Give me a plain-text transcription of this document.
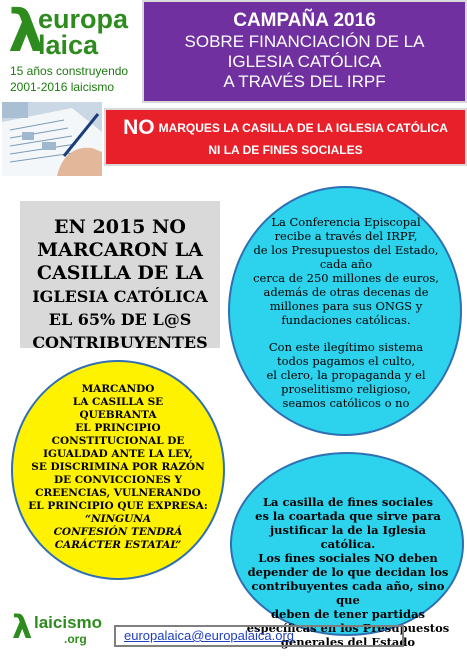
λ
europa
laica
15 años construyendo
2001-2016 laicismo
CAMPAÑA 2016
SOBRE FINANCIACIÓN DE LA
IGLESIA CATÓLICA
A TRAVÉS DEL IRPF
NO MARQUES LA CASILLA DE LA IGLESIA CATÓLICA
NI LA DE FINES SOCIALES
EN 2015 NO
MARCARON LA
CASILLA DE LA
IGLESIA CATÓLICA
EL 65% DE L@S
CONTRIBUYENTES
La Conferencia Episcopal
recibe a través del IRPF,
de los Presupuestos del Estado,
cada año
cerca de 250 millones de euros,
además de otras decenas de
millones para sus ONGS y
fundaciones católicas.
Con este ilegítimo sistema
todos pagamos el culto,
el clero, la propaganda y el
proselitismo religioso,
seamos católicos o no
MARCANDO
LA CASILLA SE
QUEBRANTA
EL PRINCIPIO
CONSTITUCIONAL DE
IGUALDAD ANTE LA LEY,
SE DISCRIMINA POR RAZÓN
DE CONVICCIONES Y
CREENCIAS, VULNERANDO
EL PRINCIPIO QUE EXPRESA:
“NINGUNA
CONFESIÓN TENDRÁ
CARÁCTER ESTATAL”
La casilla de fines sociales
es la coartada que sirve para
justificar la de la Iglesia católica.
Los fines sociales NO deben
depender de lo que decidan los
contribuyentes cada año, sino que
deben de tener partidas
específicas en los Presupuestos
generales del Estado
λ laicismo
.org	europalaica@europalaica.org
